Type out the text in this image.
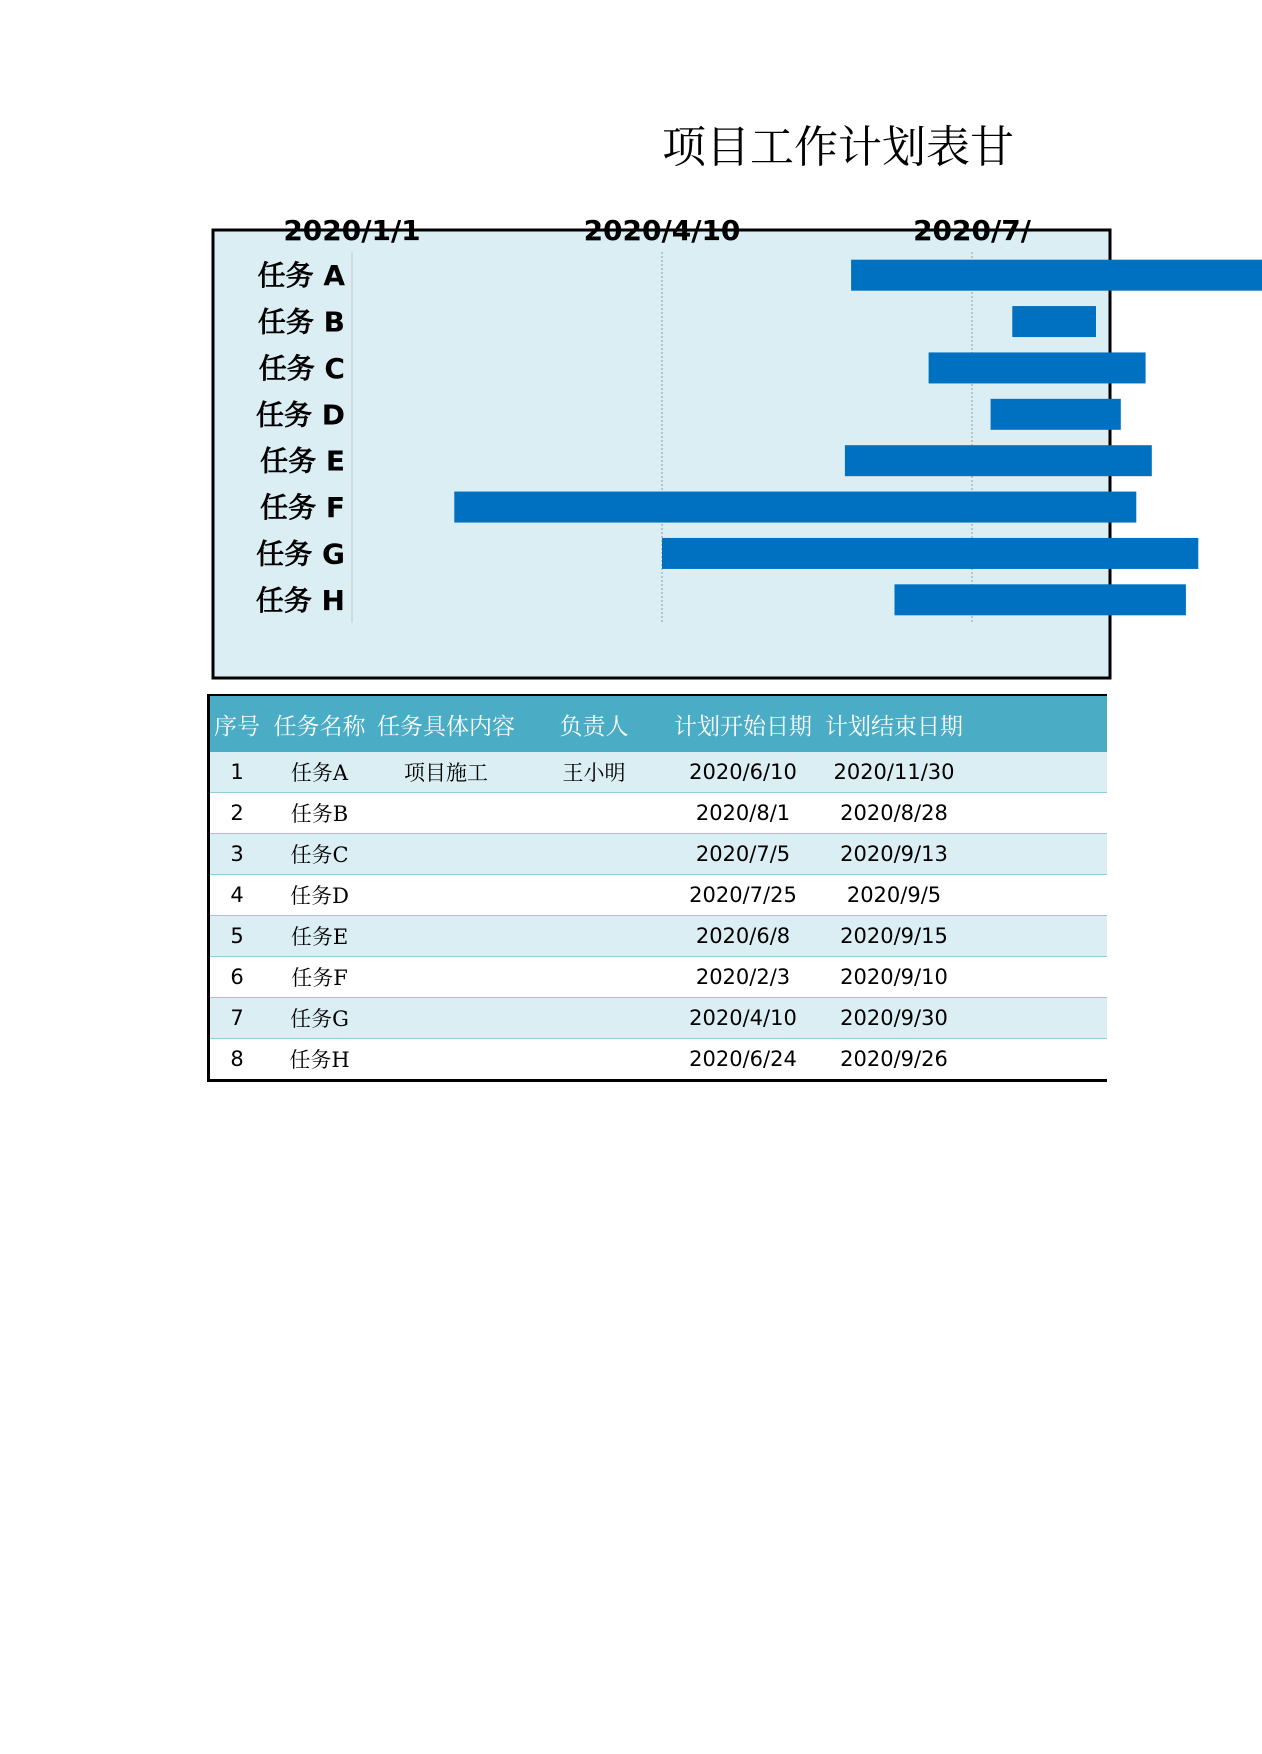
项目工作计划表甘
任务 A
任务 B
任务 C
任务 D
任务 E
任务 F
任务 G
任务 H
2020/1/1	2020/4/10	2020/7/
序号	任务名称	任务具体内容	负责人	计划开始日期	计划结束日期	
1	任务A	项目施工	王小明	2020/6/10	2020/11/30	
2	任务B			2020/8/1	2020/8/28	
3	任务C			2020/7/5	2020/9/13	
4	任务D			2020/7/25	2020/9/5	
5	任务E			2020/6/8	2020/9/15	
6	任务F			2020/2/3	2020/9/10	
7	任务G			2020/4/10	2020/9/30	
8	任务H			2020/6/24	2020/9/26	
